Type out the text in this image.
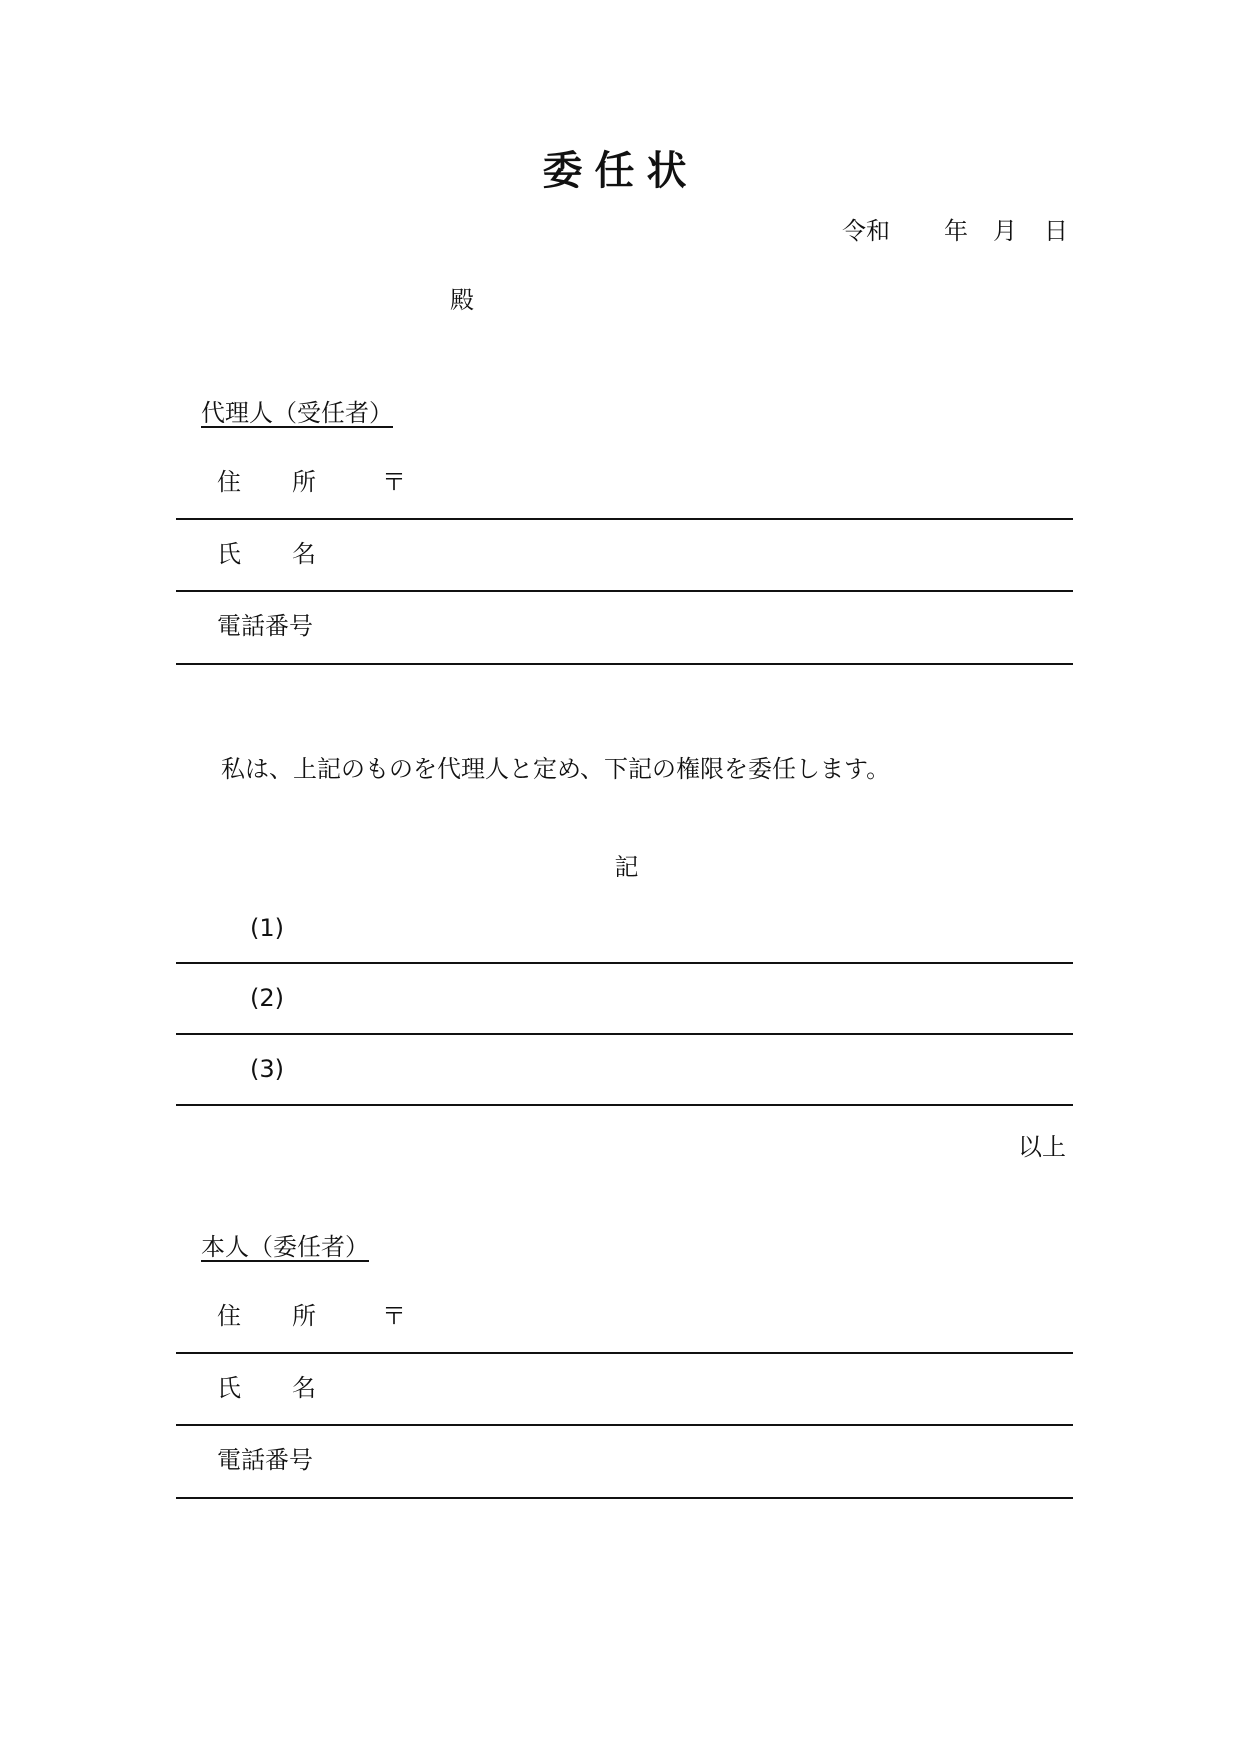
委任状
令和 年 月 日
殿
代理人（受任者）
住 所	〒
氏 名
電話番号
私は、上記のものを代理人と定め、下記の権限を委任します。
記
(1)
(2)
(3)
以上
本人（委任者）
住 所	〒
氏 名
電話番号
